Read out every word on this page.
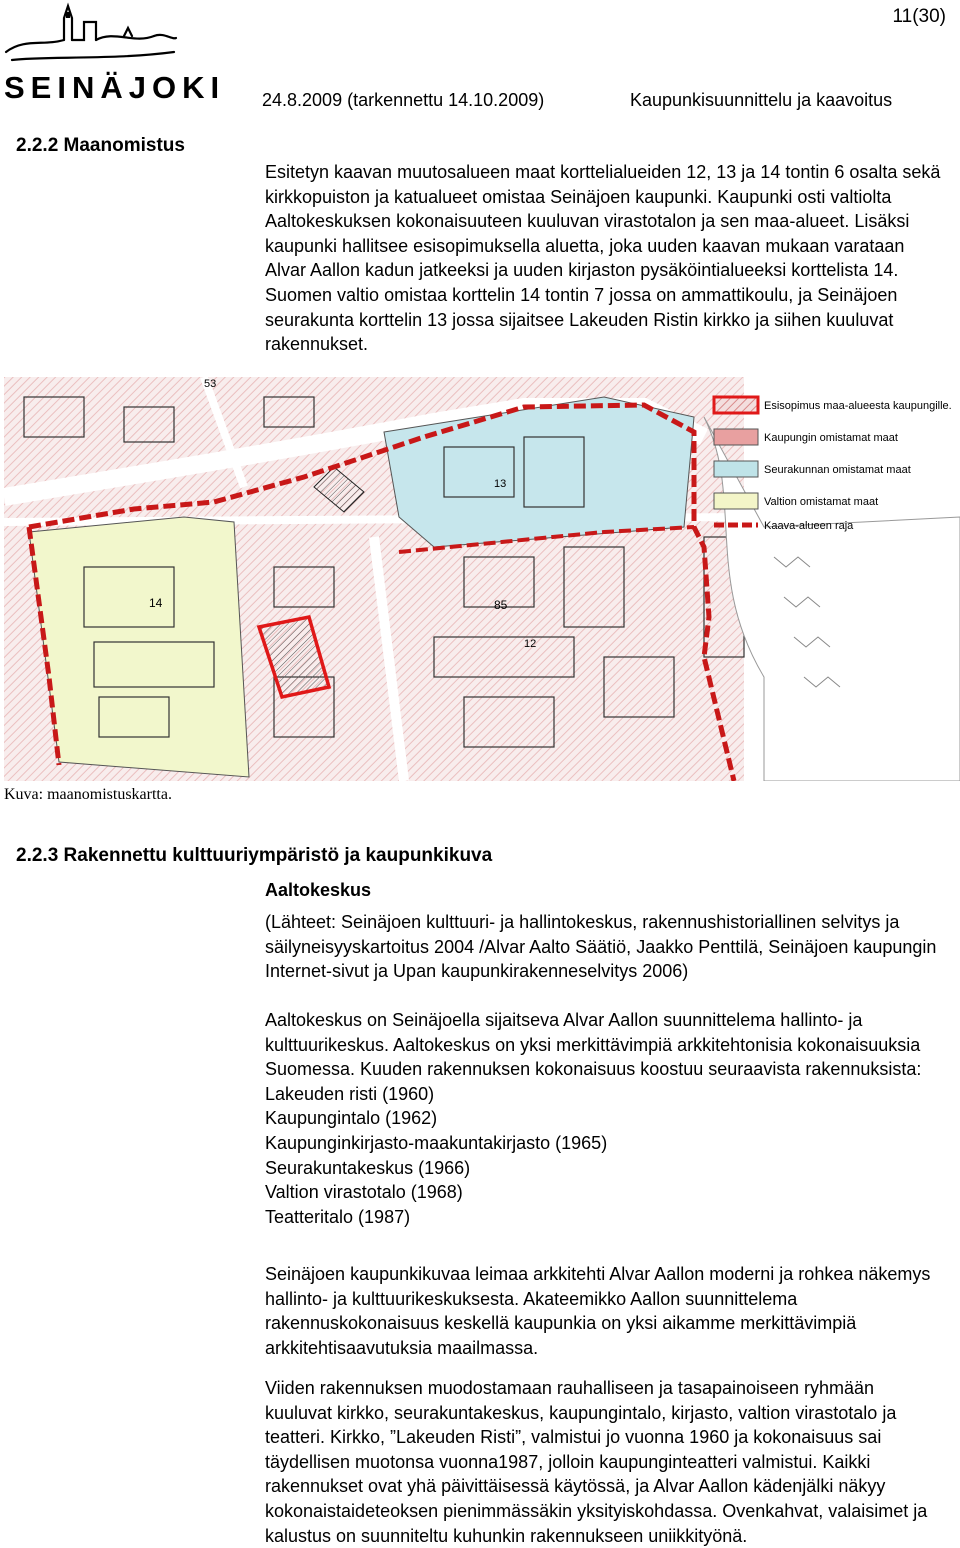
11(30)
SEINÄJOKI 24.8.2009 (tarkennettu 14.10.2009)	Kaupunkisuunnittelu ja kaavoitus
2.2.2 Maanomistus

Esitetyn kaavan muutosalueen maat korttelialueiden 12, 13 ja 14 tontin 6 osalta sekä kirkkopuiston ja katualueet omistaa Seinäjoen kaupunki. Kaupunki osti valtiolta Aaltokeskuksen kokonaisuuteen kuuluvan virastotalon ja sen maa-alueet. Lisäksi kaupunki hallitsee esisopimuksella aluetta, joka uuden kaavan mukaan varataan Alvar Aallon kadun jatkeeksi ja uuden kirjaston pysäköintialueeksi korttelista 14. Suomen valtio omistaa korttelin 14 tontin 7 jossa on ammattikoulu, ja Seinäjoen seurakunta korttelin 13 jossa sijaitsee Lakeuden Ristin kirkko ja siihen kuuluvat rakennukset.

Esisopimus maa-alueesta kaupungille.
Kaupungin omistamat maat
Seurakunnan omistamat maat
Valtion omistamat maat
Kaava-alueen raja
14	85
53
13
12
Kuva: maanomistuskartta.
2.2.3 Rakennettu kulttuuriympäristö ja kaupunkikuva
Aaltokeskus

(Lähteet: Seinäjoen kulttuuri- ja hallintokeskus, rakennushistoriallinen selvitys ja säilyneisyyskartoitus 2004 /Alvar Aalto Säätiö, Jaakko Penttilä, Seinäjoen kaupungin Internet-sivut ja Upan kaupunkirakenneselvitys 2006)

Aaltokeskus on Seinäjoella sijaitseva Alvar Aallon suunnittelema hallinto- ja kulttuurikeskus. Aaltokeskus on yksi merkittävimpiä arkkitehtonisia kokonaisuuksia Suomessa. Kuuden rakennuksen kokonaisuus koostuu seuraavista rakennuksista:

Lakeuden risti (1960)
Kaupungintalo (1962)
Kaupunginkirjasto-maakuntakirjasto (1965)
Seurakuntakeskus (1966)
Valtion virastotalo (1968)
Teatteritalo (1987)

Seinäjoen kaupunkikuvaa leimaa arkkitehti Alvar Aallon moderni ja rohkea näkemys hallinto- ja kulttuurikeskuksesta. Akateemikko Aallon suunnittelema rakennuskokonaisuus keskellä kaupunkia on yksi aikamme merkittävimpiä arkkitehtisaavutuksia maailmassa.

Viiden rakennuksen muodostamaan rauhalliseen ja tasapainoiseen ryhmään kuuluvat kirkko, seurakuntakeskus, kaupungintalo, kirjasto, valtion virastotalo ja teatteri. Kirkko, ”Lakeuden Risti”, valmistui jo vuonna 1960 ja kokonaisuus sai täydellisen muotonsa vuonna1987, jolloin kaupunginteatteri valmistui. Kaikki rakennukset ovat yhä päivittäisessä käytössä, ja Alvar Aallon kädenjälki näkyy kokonaistaideteoksen pienimmässäkin yksityiskohdassa. Ovenkahvat, valaisimet ja kalustus on suunniteltu kuhunkin rakennukseen uniikkityönä.
